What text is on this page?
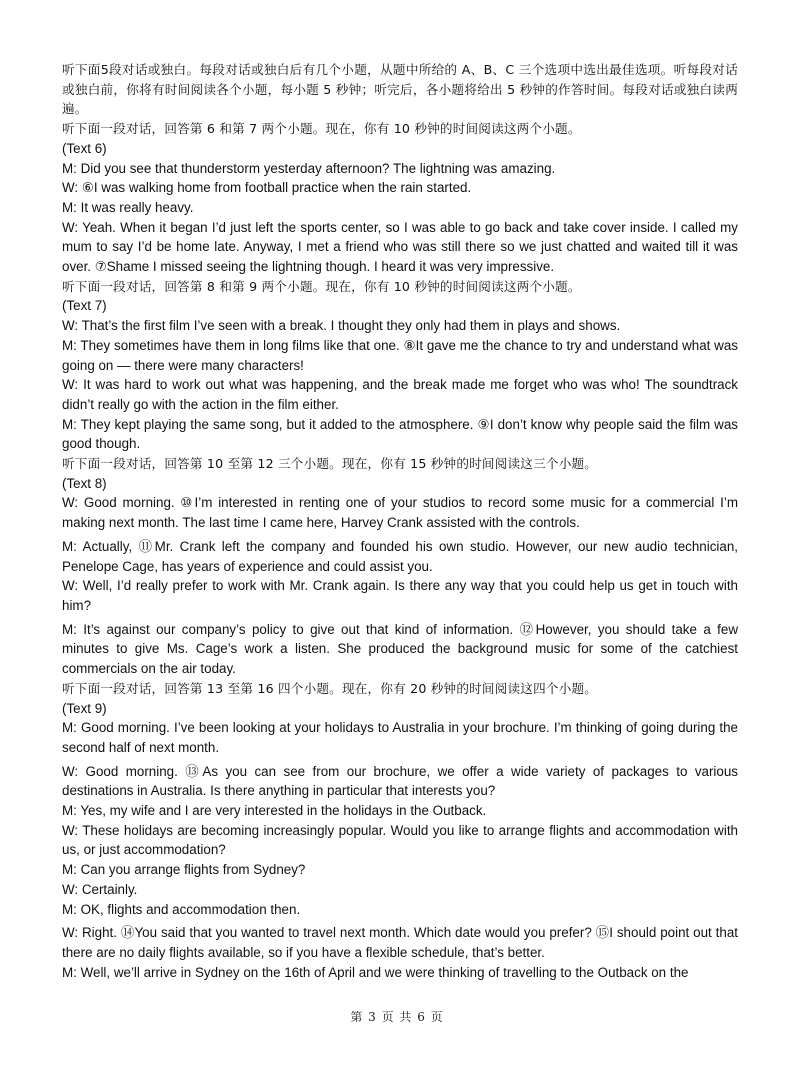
听下面5段对话或独白。每段对话或独白后有几个小题，从题中所给的 A、B、C 三个选项中选出最佳选项。听每段对话或独白前，你将有时间阅读各个小题，每小题 5 秒钟；听完后，各小题将给出 5 秒钟的作答时间。每段对话或独白读两遍。

听下面一段对话，回答第 6 和第 7 两个小题。现在，你有 10 秒钟的时间阅读这两个小题。

(Text 6)

M: Did you see that thunderstorm yesterday afternoon? The lightning was amazing.

W: ⑥I was walking home from football practice when the rain started.

M: It was really heavy.

W: Yeah. When it began I’d just left the sports center, so I was able to go back and take cover inside. I called my mum to say I’d be home late. Anyway, I met a friend who was still there so we just chatted and waited till it was over. ⑦Shame I missed seeing the lightning though. I heard it was very impressive.

听下面一段对话，回答第 8 和第 9 两个小题。现在，你有 10 秒钟的时间阅读这两个小题。

(Text 7)

W: That’s the first film I’ve seen with a break. I thought they only had them in plays and shows.

M: They sometimes have them in long films like that one. ⑧It gave me the chance to try and understand what was going on — there were many characters!

W: It was hard to work out what was happening, and the break made me forget who was who! The soundtrack didn’t really go with the action in the film either.

M: They kept playing the same song, but it added to the atmosphere. ⑨I don’t know why people said the film was good though.

听下面一段对话，回答第 10 至第 12 三个小题。现在，你有 15 秒钟的时间阅读这三个小题。

(Text 8)

W: Good morning. ⑩I’m interested in renting one of your studios to record some music for a commercial I’m making next month. The last time I came here, Harvey Crank assisted with the controls.

M: Actually, ⑪Mr. Crank left the company and founded his own studio. However, our new audio technician, Penelope Cage, has years of experience and could assist you.

W: Well, I’d really prefer to work with Mr. Crank again. Is there any way that you could help us get in touch with him?

M: It’s against our company’s policy to give out that kind of information. ⑫However, you should take a few minutes to give Ms. Cage’s work a listen. She produced the background music for some of the catchiest commercials on the air today.

听下面一段对话，回答第 13 至第 16 四个小题。现在，你有 20 秒钟的时间阅读这四个小题。

(Text 9)

M: Good morning. I’ve been looking at your holidays to Australia in your brochure. I’m thinking of going during the second half of next month.

W: Good morning. ⑬As you can see from our brochure, we offer a wide variety of packages to various destinations in Australia. Is there anything in particular that interests you?

M: Yes, my wife and I are very interested in the holidays in the Outback.

W: These holidays are becoming increasingly popular. Would you like to arrange flights and accommodation with us, or just accommodation?

M: Can you arrange flights from Sydney?

W: Certainly.

M: OK, flights and accommodation then.

W: Right. ⑭You said that you wanted to travel next month. Which date would you prefer? ⑮I should point out that there are no daily flights available, so if you have a flexible schedule, that’s better.

M: Well, we’ll arrive in Sydney on the 16th of April and we were thinking of travelling to the Outback on the

第 3 页 共 6 页
